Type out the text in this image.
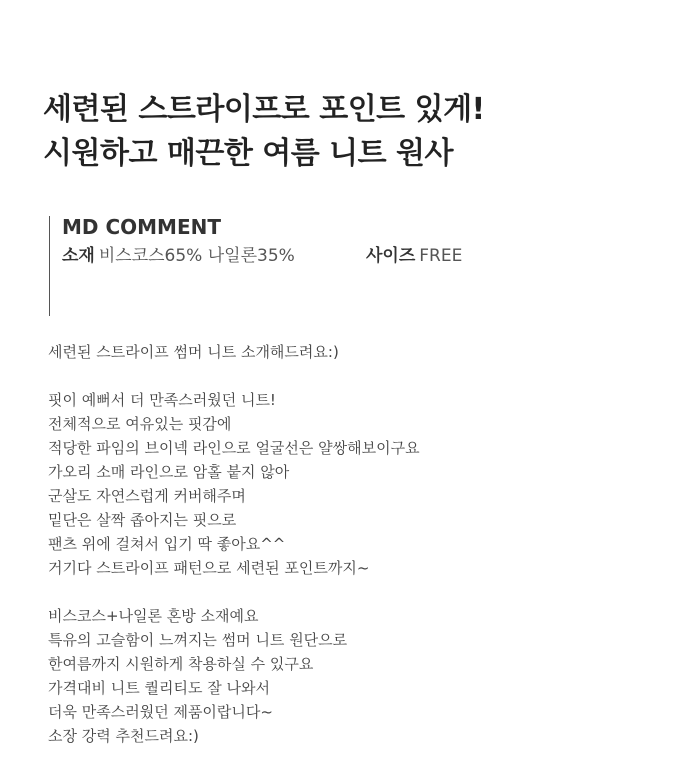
세련된 스트라이프로 포인트 있게!
시원하고 매끈한 여름 니트 원사
MD COMMENT
소재 비스코스65% 나일론35%	사이즈 FREE
세련된 스트라이프 썸머 니트 소개해드려요:)
핏이 예뻐서 더 만족스러웠던 니트!
전체적으로 여유있는 핏감에
적당한 파임의 브이넥 라인으로 얼굴선은 얄쌍해보이구요
가오리 소매 라인으로 암홀 붙지 않아
군살도 자연스럽게 커버해주며
밑단은 살짝 좁아지는 핏으로
팬츠 위에 걸쳐서 입기 딱 좋아요^^
거기다 스트라이프 패턴으로 세련된 포인트까지~
비스코스+나일론 혼방 소재예요
특유의 고슬함이 느껴지는 썸머 니트 원단으로
한여름까지 시원하게 착용하실 수 있구요
가격대비 니트 퀄리티도 잘 나와서
더욱 만족스러웠던 제품이랍니다~
소장 강력 추천드려요:)
